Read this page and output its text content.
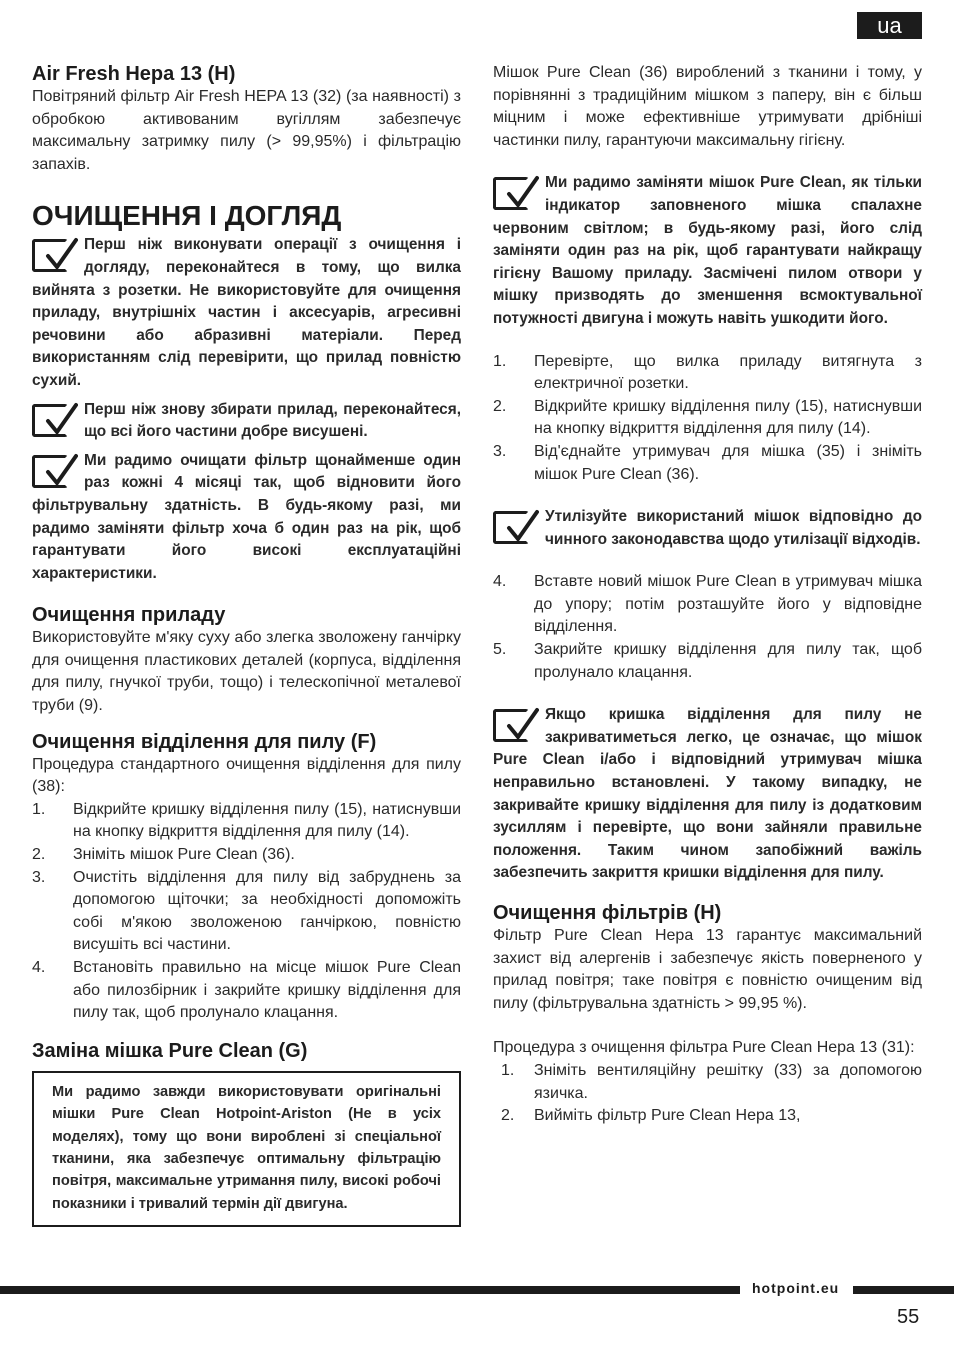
ua
Air Fresh Hepa 13 (H)

Повітряний фільтр Air Fresh HEPA 13 (32) (за наявності) з обробкою активованим вугіллям забезпечує максимальну затримку пилу (> 99,95%) і фільтрацію запахів.

ОЧИЩЕННЯ І ДОГЛЯД
Перш ніж виконувати операції з очищення і догляду, переконайтеся в тому, що вилка вийнята з розетки. Не використовуйте для очищення приладу, внутрішніх частин і аксесуарів, агресивні речовини або абразивні матеріали. Перед використанням слід перевірити, що прилад повністю сухий.
Перш ніж знову збирати прилад, переконайтеся, що всі його частини добре висушені.
Ми радимо очищати фільтр щонайменше один раз кожні 4 місяці так, щоб відновити його фільтрувальну здатність. В будь-якому разі, ми радимо заміняти фільтр хоча б один раз на рік, щоб гарантувати його високі експлуатаційні характеристики.
Очищення приладу

Використовуйте м'яку суху або злегка зволожену ганчірку для очищення пластикових деталей (корпуса, відділення для пилу, гнучкої труби, тощо) і телескопічної металевої труби (9).

Очищення відділення для пилу (F)

Процедура стандартного очищення відділення для пилу (38):

1. Відкрийте кришку відділення пилу (15), натиснувши на кнопку відкриття відділення для пилу (14).
2. Зніміть мішок Pure Clean (36).
3. Очистіть відділення для пилу від забруднень за допомогою щіточки; за необхідності допоможіть собі м'якою зволоженою ганчіркою, повністю висушіть всі частини.
4. Встановіть правильно на місце мішок Pure Clean або пилозбірник і закрийте кришку відділення для пилу так, щоб пролунало клацання.
Заміна мішка Pure Clean (G)

Ми радимо завжди використовувати оригінальні мішки Pure Clean Hotpoint-Ariston (Не в усіх моделях), тому що вони вироблені зі спеціальної тканини, яка забезпечує оптимальну фільтрацію повітря, максимальне утримання пилу, високі робочі показники і тривалий термін дії двигуна.

Мішок Pure Clean (36) вироблений з тканини і тому, у порівнянні з традиційним мішком з паперу, він є більш міцним і може ефективніше утримувати дрібніші частинки пилу, гарантуючи максимальну гігієну.

Ми радимо заміняти мішок Pure Clean, як тільки індикатор заповненого мішка спалахне червоним світлом; в будь-якому разі, його слід заміняти один раз на рік, щоб гарантувати найкращу гігієну Вашому приладу. Засмічені пилом отвори у мішку призводять до зменшення всмоктувальної потужності двигуна і можуть навіть ушкодити його.
1. Перевірте, що вилка приладу витягнута з електричної розетки.
2. Відкрийте кришку відділення пилу (15), натиснувши на кнопку відкриття відділення для пилу (14).
3. Від'єднайте утримувач для мішка (35) і зніміть мішок Pure Clean (36).
Утилізуйте використаний мішок відповідно до чинного законодавства щодо утилізації відходів.
4. Вставте новий мішок Pure Clean в утримувач мішка до упору; потім розташуйте його у відповідне відділення.
5. Закрийте кришку відділення для пилу так, щоб пролунало клацання.
Якщо кришка відділення для пилу не закриватиметься легко, це означає, що мішок Pure Clean і/або і відповідний утримувач мішка неправильно встановлені. У такому випадку, не закривайте кришку відділення для пилу із додатковим зусиллям і перевірте, що вони зайняли правильне положення. Таким чином запобіжний важіль забезпечить закриття кришки відділення для пилу.
Очищення фільтрів (H)

Фільтр Pure Clean Hepa 13 гарантує максимальний захист від алергенів і забезпечує якість поверненого у прилад повітря; таке повітря є повністю очищеним від пилу (фільтрувальна здатність > 99,95 %).

Процедура з очищення фільтра Pure Clean Hepa 13 (31):

1. Зніміть вентиляційну решітку (33) за допомогою язичка.
2. Вийміть фільтр Pure Clean Hepa 13,
hotpoint.eu
55
